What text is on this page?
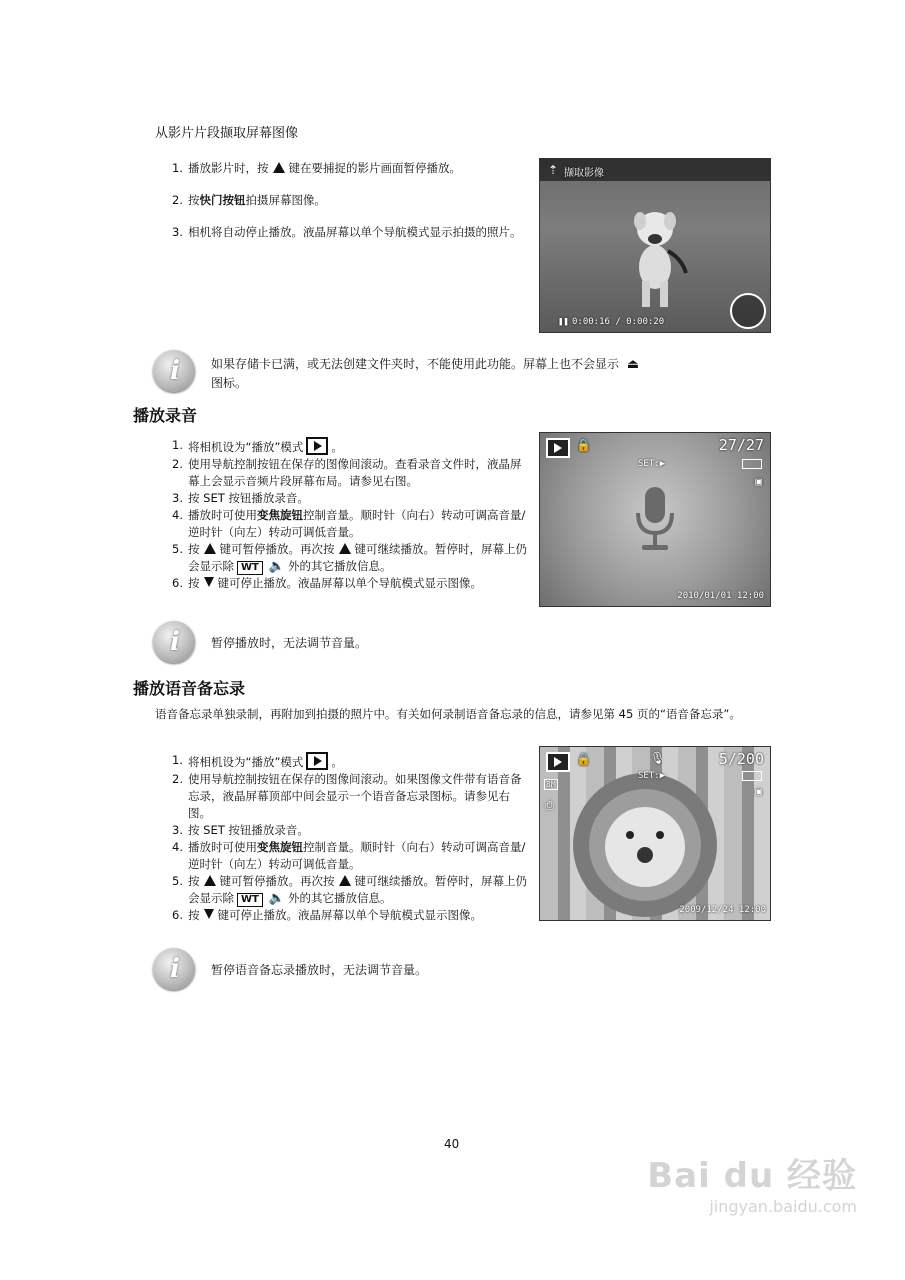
从影片片段撷取屏幕图像
1. 播放影片时，按 键在要捕捉的影片画面暂停播放。
2. 按快门按钮拍摄屏幕图像。
3. 相机将自动停止播放。液晶屏幕以单个导航模式显示拍摄的照片。
⇡ 撷取影像
❚❚ 0:00:16 / 0:00:20
i	如果存储卡已满，或无法创建文件夹时，不能使用此功能。屏幕上也不会显示 ⏏
图标。
播放录音
1. 将相机设为“播放”模式 。
2. 使用导航控制按钮在保存的图像间滚动。查看录音文件时，液晶屏幕上会显示音频片段屏幕布局。请参见右图。
3. 按 SET 按钮播放录音。
4. 播放时可使用变焦旋钮控制音量。顺时针（向右）转动可调高音量/逆时针（向左）转动可调低音量。
5. 按 键可暂停播放。再次按 键可继续播放。暂停时，屏幕上仍会显示除 WT 🔈 外的其它播放信息。
6. 按 键可停止播放。液晶屏幕以单个导航模式显示图像。
🔒	27/27
SET:▶
▣
2010/01/01 12:00
i	暂停播放时，无法调节音量。
播放语音备忘录
语音备忘录单独录制，再附加到拍摄的照片中。有关如何录制语音备忘录的信息，请参见第 45 页的“语音备忘录”。
1. 将相机设为“播放”模式 。
2. 使用导航控制按钮在保存的图像间滚动。如果图像文件带有语音备忘录，液晶屏幕顶部中间会显示一个语音备忘录图标。请参见右图。
3. 按 SET 按钮播放录音。
4. 播放时可使用变焦旋钮控制音量。顺时针（向右）转动可调高音量/逆时针（向左）转动可调低音量。
5. 按 键可暂停播放。再次按 键可继续播放。暂停时，屏幕上仍会显示除 WT 🔈 外的其它播放信息。
6. 按 键可停止播放。液晶屏幕以单个导航模式显示图像。
🔒	🎙	5/200
SET:▶
8M
⎙
▣
2009/12/24 12:00
i	暂停语音备忘录播放时，无法调节音量。
40
Bai du 经验
jingyan.baidu.com
